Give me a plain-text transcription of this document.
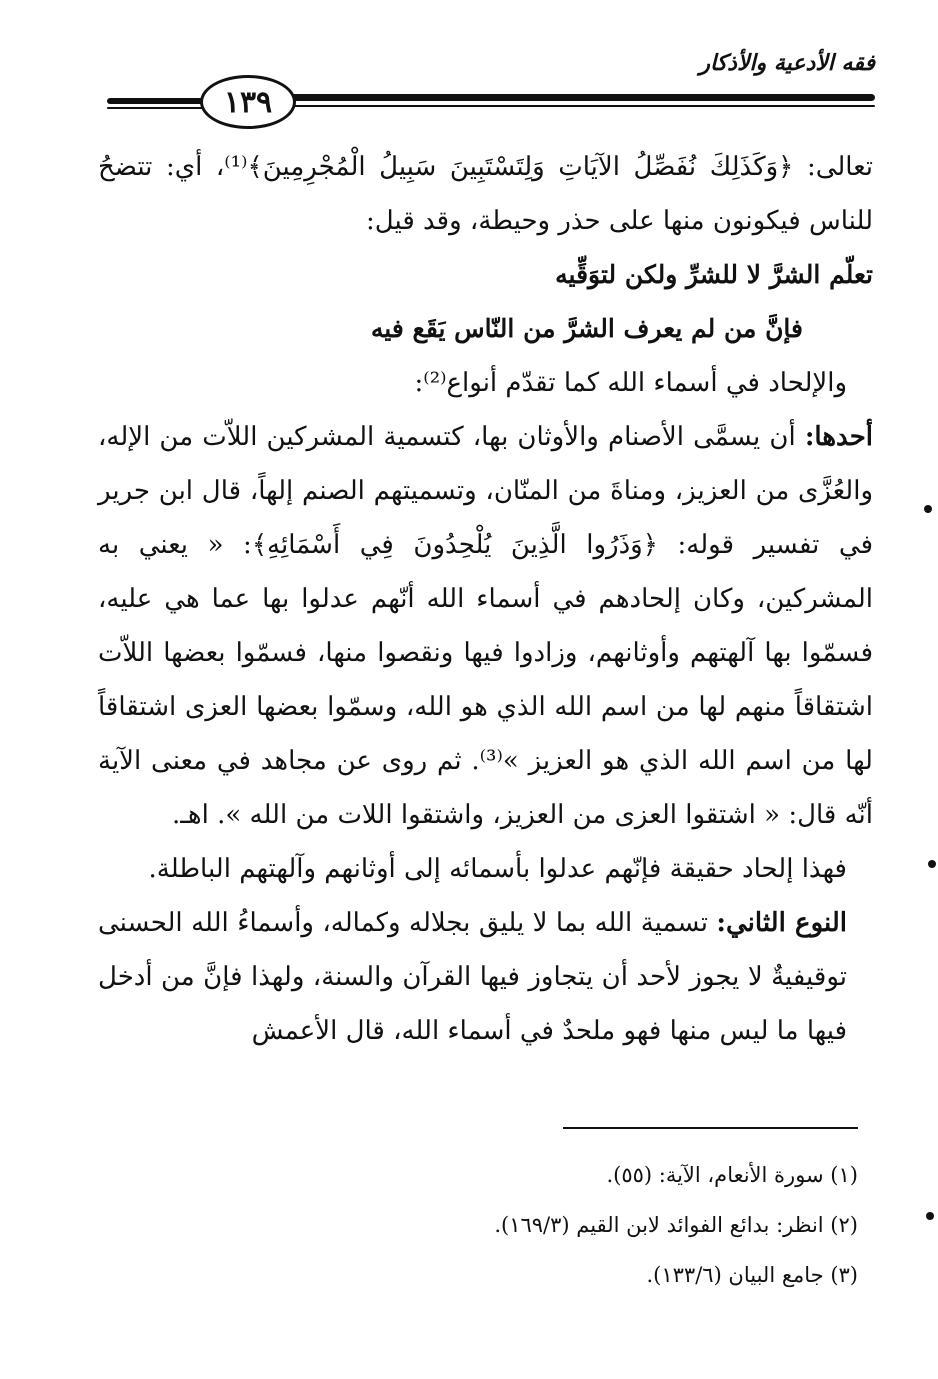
فقه الأدعية والأذكار
١٣٩

تعالى: ﴿وَكَذَلِكَ نُفَصِّلُ الآيَاتِ وَلِتَسْتَبِينَ سَبِيلُ الْمُجْرِمِينَ﴾⁽¹⁾، أي: تتضحُ للناس فيكونون منها على حذر وحيطة، وقد قيل:

تعلّم الشرَّ لا للشرِّ ولكن لتوَقِّيه

فإنَّ من لم يعرف الشرَّ من النّاس يَقَع فيه

والإلحاد في أسماء الله كما تقدّم أنواع⁽²⁾:

أحدها: أن يسمَّى الأصنام والأوثان بها، كتسمية المشركين اللاّت من الإله، والعُزَّى من العزيز، ومناةَ من المنّان، وتسميتهم الصنم إلهاً، قال ابن جرير في تفسير قوله: ﴿وَذَرُوا الَّذِينَ يُلْحِدُونَ فِي أَسْمَائِهِ﴾: « يعني به المشركين، وكان إلحادهم في أسماء الله أنّهم عدلوا بها عما هي عليه، فسمّوا بها آلهتهم وأوثانهم، وزادوا فيها ونقصوا منها، فسمّوا بعضها اللاّت اشتقاقاً منهم لها من اسم الله الذي هو الله، وسمّوا بعضها العزى اشتقاقاً لها من اسم الله الذي هو العزيز »⁽³⁾. ثم روى عن مجاهد في معنى الآية أنّه قال: « اشتقوا العزى من العزيز، واشتقوا اللات من الله ». اهـ.

فهذا إلحاد حقيقة فإنّهم عدلوا بأسمائه إلى أوثانهم وآلهتهم الباطلة.

النوع الثاني: تسمية الله بما لا يليق بجلاله وكماله، وأسماءُ الله الحسنى توقيفيةٌ لا يجوز لأحد أن يتجاوز فيها القرآن والسنة، ولهذا فإنَّ من أدخل فيها ما ليس منها فهو ملحدٌ في أسماء الله، قال الأعمش

(١) سورة الأنعام، الآية: (٥٥).
(٢) انظر: بدائع الفوائد لابن القيم (١٦٩/٣).
(٣) جامع البيان (١٣٣/٦).
